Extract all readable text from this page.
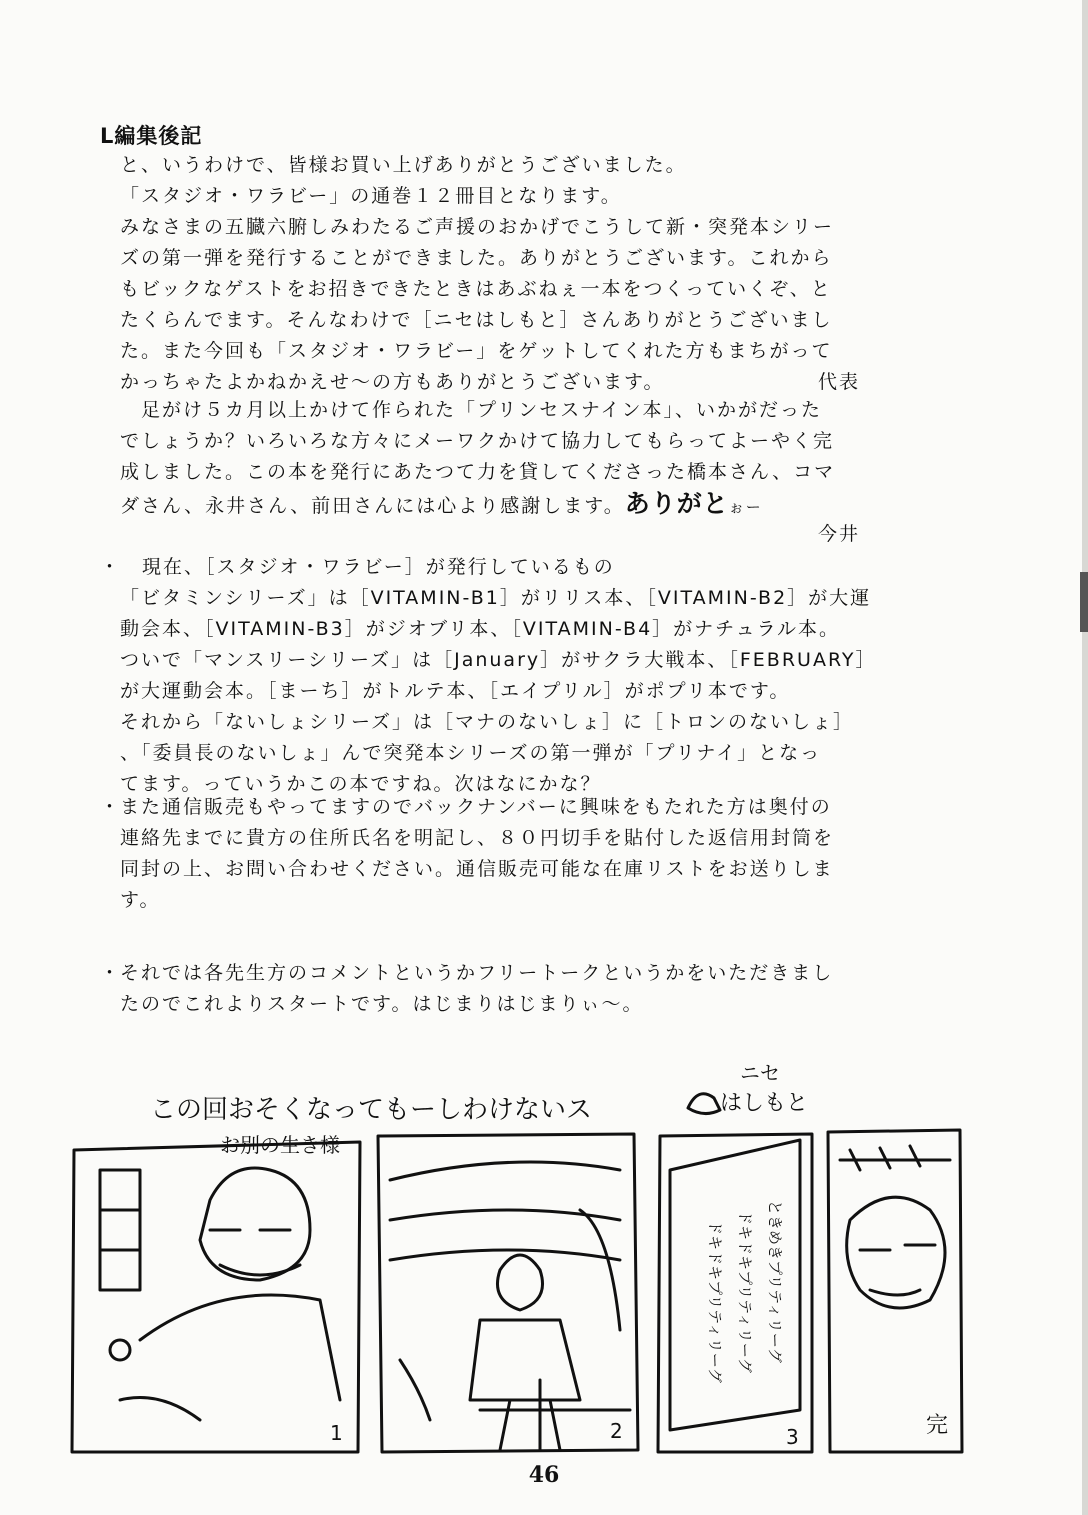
L編集後記
と、いうわけで、皆様お買い上げありがとうございました。
「スタジオ・ワラビー」の通巻１２冊目となります。
みなさまの五臓六腑しみわたるご声援のおかげでこうして新・突発本シリー
ズの第一弾を発行することができました。ありがとうございます。これから
もビックなゲストをお招きできたときはあぶねぇ一本をつくっていくぞ、と
たくらんでます。そんなわけで［ニセはしもと］さんありがとうございまし
た。また今回も「スタジオ・ワラビー」をゲットしてくれた方もまちがって
かっちゃたよかねかえせ〜の方もありがとうございます。	代表
　足がけ５カ月以上かけて作られた「プリンセスナイン本」、いかがだった
でしょうか？いろいろな方々にメーワクかけて協力してもらってよーやく完
成しました。この本を発行にあたつて力を貸してくださった橋本さん、コマ
ダさん、永井さん、前田さんには心より感謝します。ありがとぉー
今井
・	現在、［スタジオ・ワラビー］が発行しているもの
「ビタミンシリーズ」は［VITAMIN-B1］がリリス本、［VITAMIN-B2］が大運
動会本、［VITAMIN-B3］がジオブリ本、［VITAMIN-B4］がナチュラル本。
ついで「マンスリーシリーズ」は［January］がサクラ大戦本、［FEBRUARY］
が大運動会本。［まーち］がトルテ本、［エイプリル］がポプリ本です。
それから「ないしょシリーズ」は［マナのないしょ］に［トロンのないしょ］
、「委員長のないしょ」んで突発本シリーズの第一弾が「プリナイ」となっ
てます。っていうかこの本ですね。次はなにかな？
・ また通信販売もやってますのでバックナンバーに興味をもたれた方は奥付の
連絡先までに貴方の住所氏名を明記し、８０円切手を貼付した返信用封筒を
同封の上、お問い合わせください。通信販売可能な在庫リストをお送りしま
す。
・ それでは各先生方のコメントというかフリートークというかをいただきまし
たのでこれよりスタートです。はじまりはじまりぃ〜。
この回おそくなってもーしわけないス
ニセ
はしもと
お別の生き様
2
1
ドキドキプリティリーグ ドキドキプリティリーグ ときめきプリティリーグ
3	完
46
